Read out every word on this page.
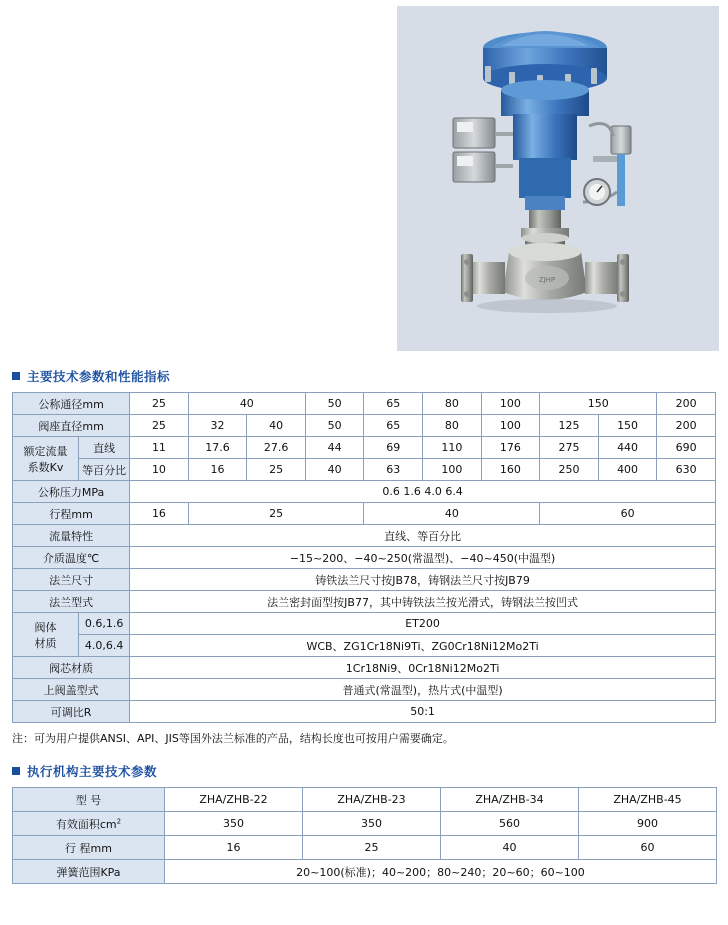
ZJHP
主要技术参数和性能指标
公称通径mm		25	40		50	65	80	100	150		200
阀座直径mm		25	32	40	50	65	80	100	125	150	200

额定流量
系数Kv	直线	11	17.6	27.6	44	69	110	176	275	440	690
	等百分比	10	16	25	40	63	100	160	250	400	630
公称压力MPa		0.6 1.6 4.0 6.4									
行程mm		16	25			40			60		
流量特性		直线、等百分比									
介质温度℃		−15~200、−40~250(常温型)、−40~450(中温型)									
法兰尺寸		铸铁法兰尺寸按JB78，铸钢法兰尺寸按JB79									
法兰型式		法兰密封面型按JB77，其中铸铁法兰按光滑式，铸钢法兰按凹式									

阀体
材质	0.6,1.6	ET200									
	4.0,6.4	WCB、ZG1Cr18Ni9Ti、ZG0Cr18Ni12Mo2Ti									
阀芯材质		1Cr18Ni9、0Cr18Ni12Mo2Ti									
上阀盖型式		普通式(常温型)，热片式(中温型)									
可调比R		50:1									
注：可为用户提供ANSI、API、JIS等国外法兰标准的产品，结构长度也可按用户需要确定。
执行机构主要技术参数
型 号	ZHA/ZHB-22	ZHA/ZHB-23	ZHA/ZHB-34	ZHA/ZHB-45
有效面积$cm^2$	350	350	560	900
行 程mm	16	25	40	60
弹簧范围KPa	20~100(标准)；40~200；80~240；20~60；60~100			
